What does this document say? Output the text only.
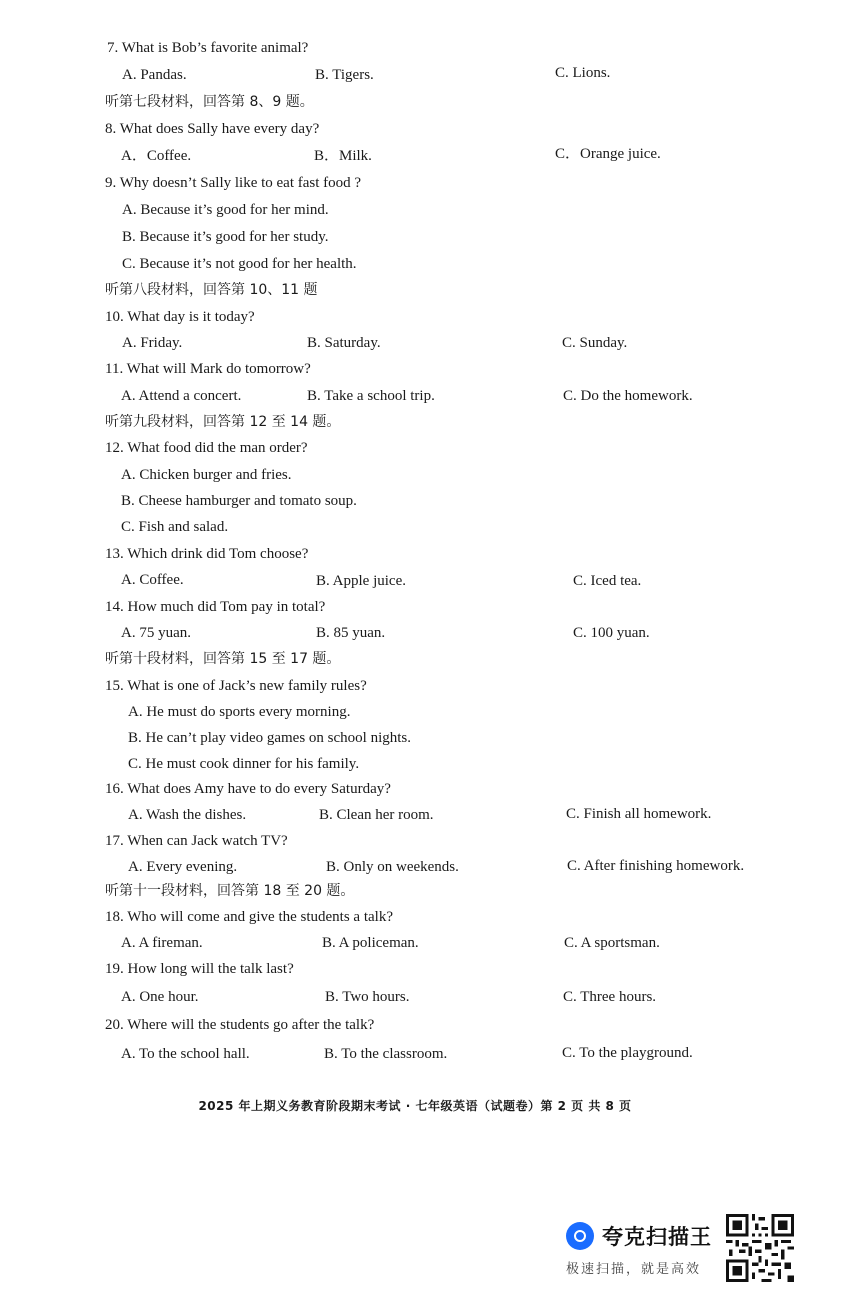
7. What is Bob’s favorite animal?
A. Pandas.	B. Tigers.	C. Lions.
听第七段材料，回答第 8、9 题。
8. What does Sally have every day?
A．Coffee.	B．Milk.	C．Orange juice.
9. Why doesn’t Sally like to eat fast food ?
A. Because it’s good for her mind.
B. Because it’s good for her study.
C. Because it’s not good for her health.
听第八段材料，回答第 10、11 题
10. What day is it today?
A. Friday.	B. Saturday.	C. Sunday.
11. What will Mark do tomorrow?
A. Attend a concert.	B. Take a school trip.	C. Do the homework.
听第九段材料，回答第 12 至 14 题。
12. What food did the man order?
A. Chicken burger and fries.
B. Cheese hamburger and tomato soup.
C. Fish and salad.
13. Which drink did Tom choose?
A. Coffee.	B. Apple juice.	C. Iced tea.
14. How much did Tom pay in total?
A. 75 yuan.	B. 85 yuan.	C. 100 yuan.
听第十段材料，回答第 15 至 17 题。
15. What is one of Jack’s new family rules?
A. He must do sports every morning.
B. He can’t play video games on school nights.
C. He must cook dinner for his family.
16. What does Amy have to do every Saturday?
A. Wash the dishes.	B. Clean her room.	C. Finish all homework.
17. When can Jack watch TV?
A. Every evening.	B. Only on weekends.	C. After finishing homework.
听第十一段材料，回答第 18 至 20 题。
18. Who will come and give the students a talk?
A. A fireman.	B. A policeman.	C. A sportsman.
19. How long will the talk last?
A. One hour.	B. Two hours.	C. Three hours.
20. Where will the students go after the talk?
A. To the school hall.	B. To the classroom.	C. To the playground.
2025 年上期义务教育阶段期末考试 · 七年级英语（试题卷）第 2 页 共 8 页
夸克扫描王
极速扫描，就是高效
